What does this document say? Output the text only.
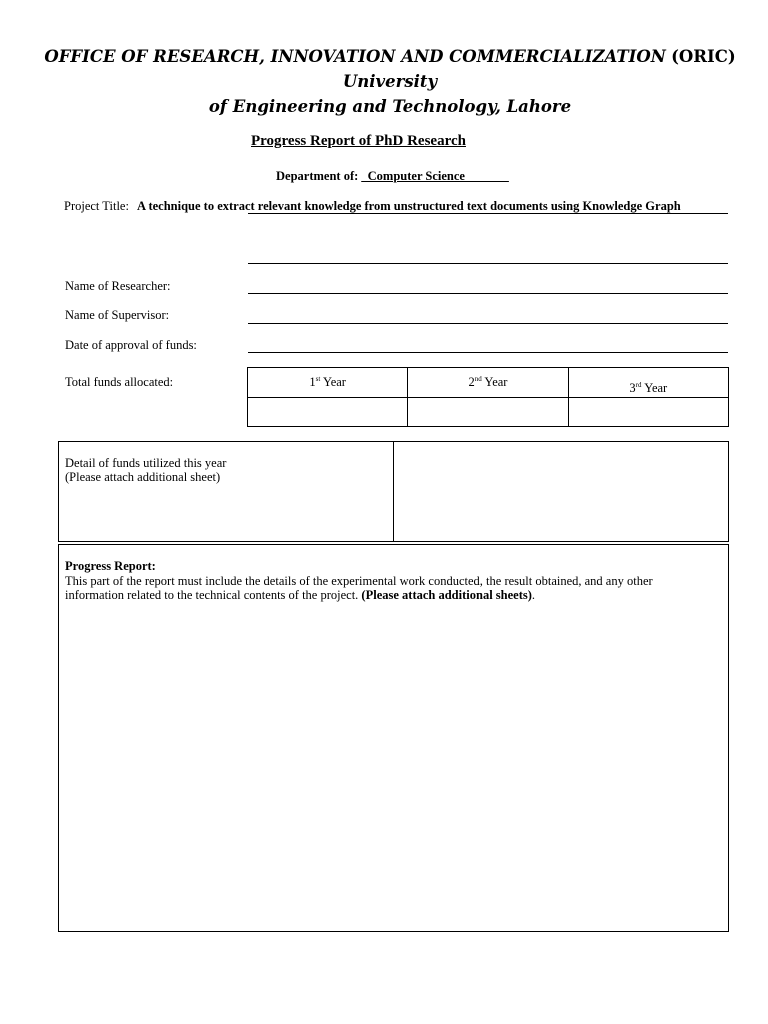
OFFICE OF RESEARCH, INNOVATION AND COMMERCIALIZATION (ORIC) University
of Engineering and Technology, Lahore
Progress Report of PhD Research
Department of: _Computer Science_______
Project Title: A technique to extract relevant knowledge from unstructured text documents using Knowledge Graph
Name of Researcher:
Name of Supervisor:
Date of approval of funds:
Total funds allocated:	1st Year	2nd Year	3rd Year

Detail of funds utilized this year
(Please attach additional sheet)
Progress Report:
This part of the report must include the details of the experimental work conducted, the result obtained, and any other information related to the technical contents of the project. (Please attach additional sheets).
